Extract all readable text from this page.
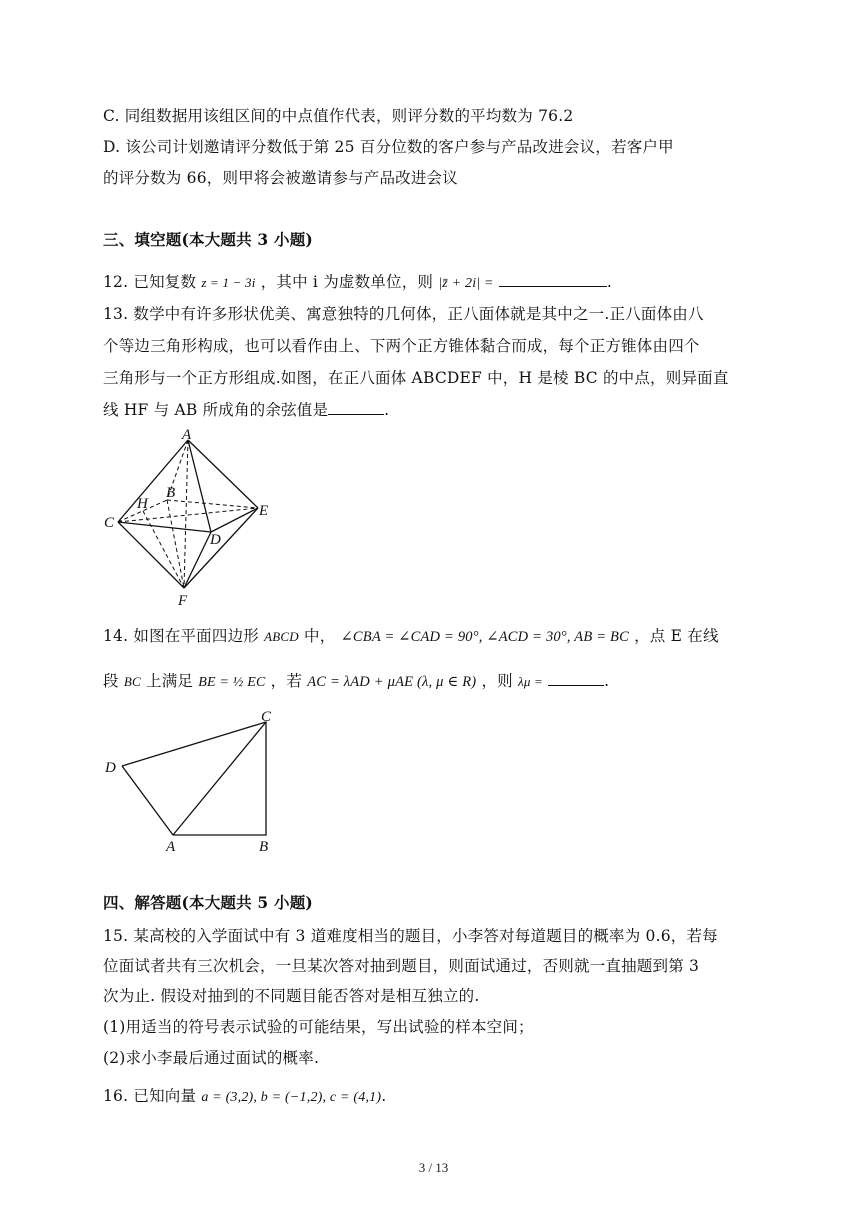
C. 同组数据用该组区间的中点值作代表，则评分数的平均数为 76.2
D. 该公司计划邀请评分数低于第 25 百分位数的客户参与产品改进会议，若客户甲
的评分数为 66，则甲将会被邀请参与产品改进会议
三、填空题(本大题共 3 小题)
12. 已知复数 z = 1 − 3i ，其中 i 为虚数单位，则 |z̄ + 2i| =	.
13. 数学中有许多形状优美、寓意独特的几何体，正八面体就是其中之一.正八面体由八
个等边三角形构成，也可以看作由上、下两个正方锥体黏合而成，每个正方锥体由四个
三角形与一个正方形组成.如图，在正八面体 ABCDEF 中，H 是棱 BC 的中点，则异面直
线 HF 与 AB 所成角的余弦值是	.
A
B
C
D
E
F
H
14. 如图在平面四边形 ABCD 中， ∠CBA = ∠CAD = 90°, ∠ACD = 30°, AB = BC ，点 E 在线
段 BC 上满足 BE = ½ EC ，若 AC = λAD + μAE (λ, μ ∈ R) ，则 λμ =	.
C
D
A	B
四、解答题(本大题共 5 小题)
15. 某高校的入学面试中有 3 道难度相当的题目，小李答对每道题目的概率为 0.6，若每
位面试者共有三次机会，一旦某次答对抽到题目，则面试通过，否则就一直抽题到第 3
次为止. 假设对抽到的不同题目能否答对是相互独立的.
(1)用适当的符号表示试验的可能结果，写出试验的样本空间；
(2)求小李最后通过面试的概率.
16. 已知向量 a = (3,2), b = (−1,2), c = (4,1).
3 / 13
